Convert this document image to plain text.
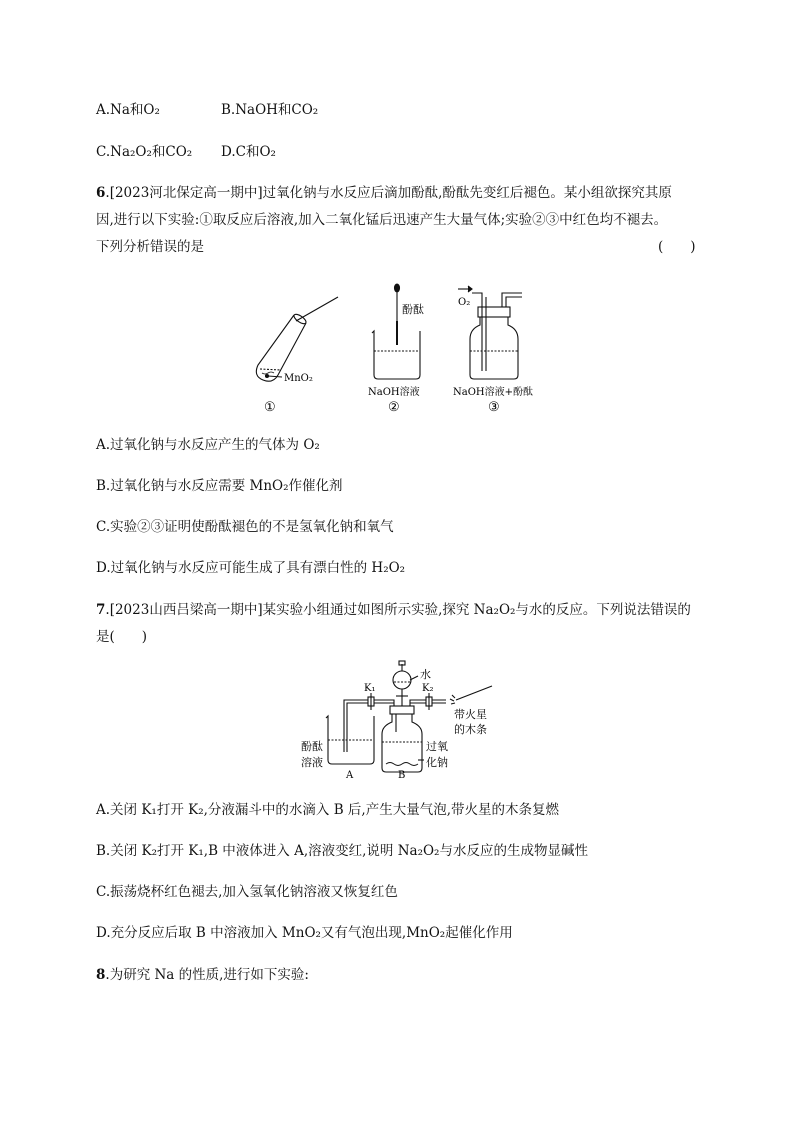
A.Na和O₂	B.NaOH和CO₂
C.Na₂O₂和CO₂ D.C和O₂
6.[2023河北保定高一期中]过氧化钠与水反应后滴加酚酞,酚酞先变红后褪色。某小组欲探究其原
因,进行以下实验:①取反应后溶液,加入二氧化锰后迅速产生大量气体;实验②③中红色均不褪去。
下列分析错误的是	(　　)
MnO₂
①
酚酞
NaOH溶液
②
O₂
NaOH溶液+酚酞
③
A.过氧化钠与水反应产生的气体为 O₂
B.过氧化钠与水反应需要 MnO₂作催化剂
C.实验②③证明使酚酞褪色的不是氢氧化钠和氧气
D.过氧化钠与水反应可能生成了具有漂白性的 H₂O₂
7.[2023山西吕梁高一期中]某实验小组通过如图所示实验,探究 Na₂O₂与水的反应。下列说法错误的
是(　　)
水
K₁	K₂
带火星
的木条
酚酞
溶液
A	B
过氧
化钠
A.关闭 K₁打开 K₂,分液漏斗中的水滴入 B 后,产生大量气泡,带火星的木条复燃
B.关闭 K₂打开 K₁,B 中液体进入 A,溶液变红,说明 Na₂O₂与水反应的生成物显碱性
C.振荡烧杯红色褪去,加入氢氧化钠溶液又恢复红色
D.充分反应后取 B 中溶液加入 MnO₂又有气泡出现,MnO₂起催化作用
8.为研究 Na 的性质,进行如下实验:
